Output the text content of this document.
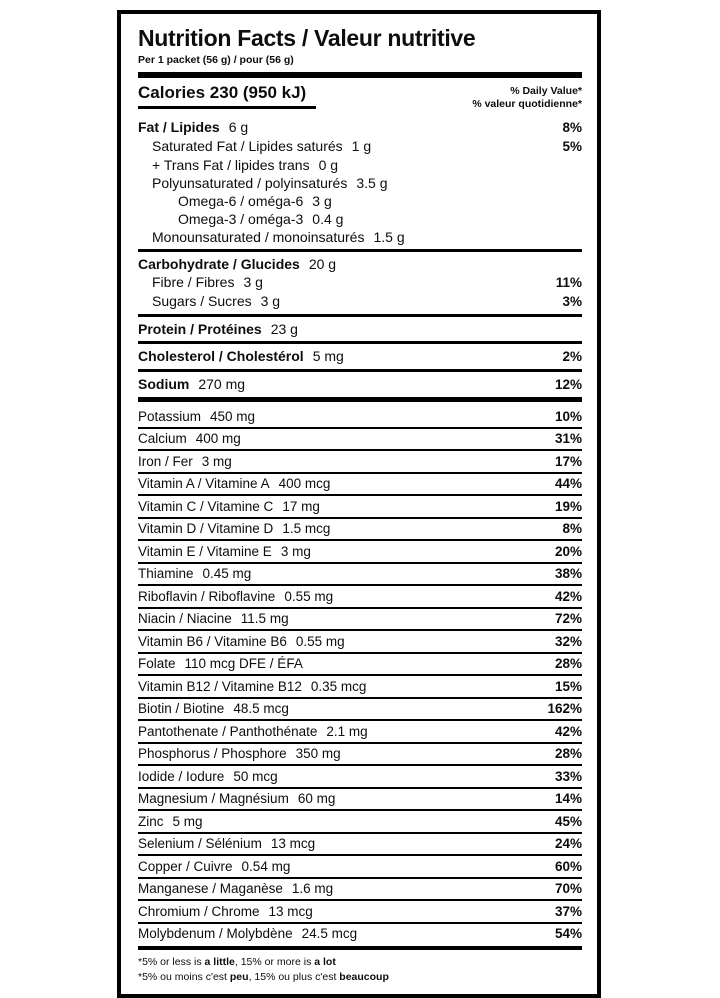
Nutrition Facts / Valeur nutritive
Per 1 packet (56 g) / pour (56 g)
Calories 230 (950 kJ)	% Daily Value*
% valeur quotidienne*
Fat / Lipides 6 g	8%
Saturated Fat / Lipides saturés 1 g	5%
+ Trans Fat / lipides trans 0 g
Polyunsaturated / polyinsaturés 3.5 g
Omega-6 / oméga-6 3 g
Omega-3 / oméga-3 0.4 g
Monounsaturated / monoinsaturés 1.5 g
Carbohydrate / Glucides 20 g
Fibre / Fibres 3 g	11%
Sugars / Sucres 3 g	3%
Protein / Protéines 23 g
Cholesterol / Cholestérol 5 mg	2%
Sodium 270 mg	12%
Potassium 450 mg	10%
Calcium 400 mg	31%
Iron / Fer 3 mg	17%
Vitamin A / Vitamine A 400 mcg	44%
Vitamin C / Vitamine C 17 mg	19%
Vitamin D / Vitamine D 1.5 mcg	8%
Vitamin E / Vitamine E 3 mg	20%
Thiamine 0.45 mg	38%
Riboflavin / Riboflavine 0.55 mg	42%
Niacin / Niacine 11.5 mg	72%
Vitamin B6 / Vitamine B6 0.55 mg	32%
Folate 110 mcg DFE / ÉFA	28%
Vitamin B12 / Vitamine B12 0.35 mcg	15%
Biotin / Biotine 48.5 mcg	162%
Pantothenate / Panthothénate 2.1 mg	42%
Phosphorus / Phosphore 350 mg	28%
Iodide / Iodure 50 mcg	33%
Magnesium / Magnésium 60 mg	14%
Zinc 5 mg	45%
Selenium / Sélénium 13 mcg	24%
Copper / Cuivre 0.54 mg	60%
Manganese / Maganèse 1.6 mg	70%
Chromium / Chrome 13 mcg	37%
Molybdenum / Molybdène 24.5 mcg	54%
*5% or less is a little, 15% or more is a lot
*5% ou moins c'est peu, 15% ou plus c'est beaucoup
